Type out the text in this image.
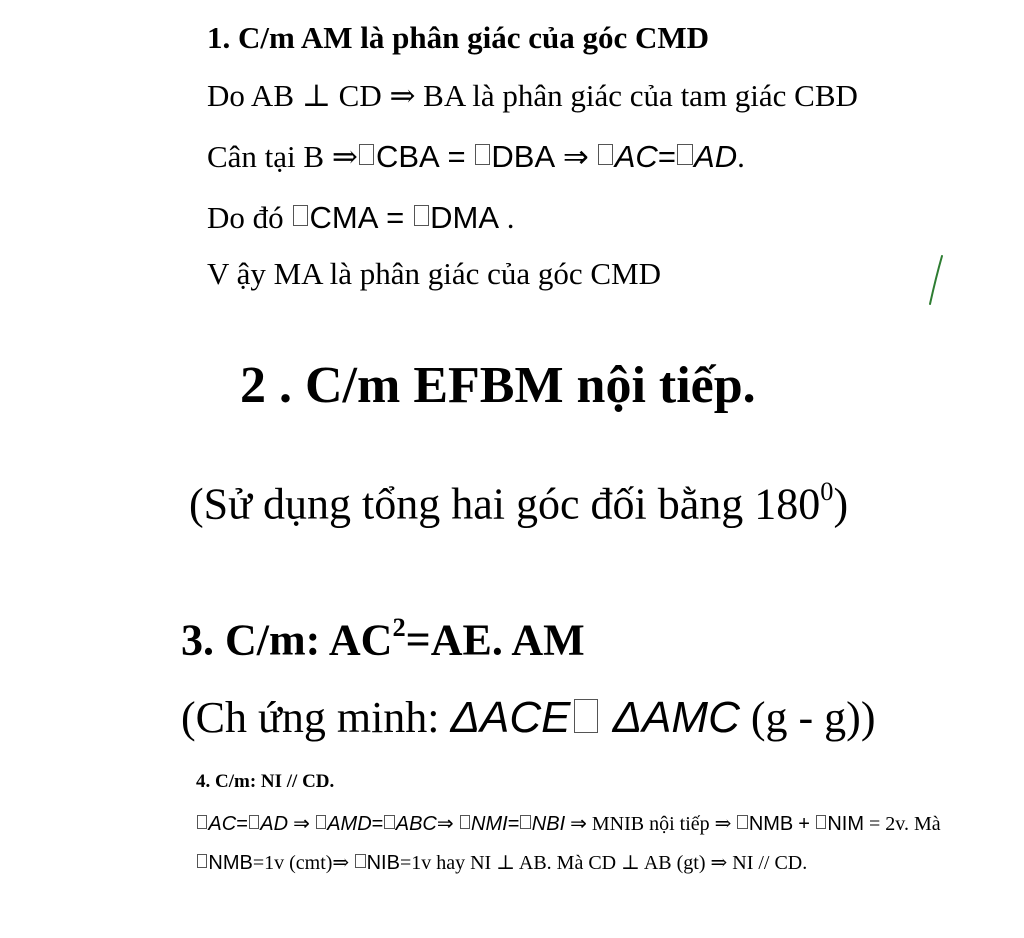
1. C/m AM là phân giác của góc CMD
Do AB ⊥ CD ⇒ BA là phân giác của tam giác CBD
Cân tại B ⇒ CBA = DBA ⇒ AC= AD.
Do đó CMA = DMA .
V ậy MA là phân giác của góc CMD
2 . C/m EFBM nội tiếp.
(Sử dụng tổng hai góc đối bằng $180^0$)
3. C/m: $AC^2=AE$. AM
(Ch ứng minh: ΔACE ΔAMC (g - g))
4. C/m: NI // CD.
AC= AD ⇒ AMD= ABC⇒ NMI= NBI ⇒ MNIB nội tiếp ⇒ NMB + NIM = 2v. Mà
NMB=1v (cmt)⇒ NIB=1v hay NI ⊥ AB. Mà CD ⊥ AB (gt) ⇒ NI // CD.
